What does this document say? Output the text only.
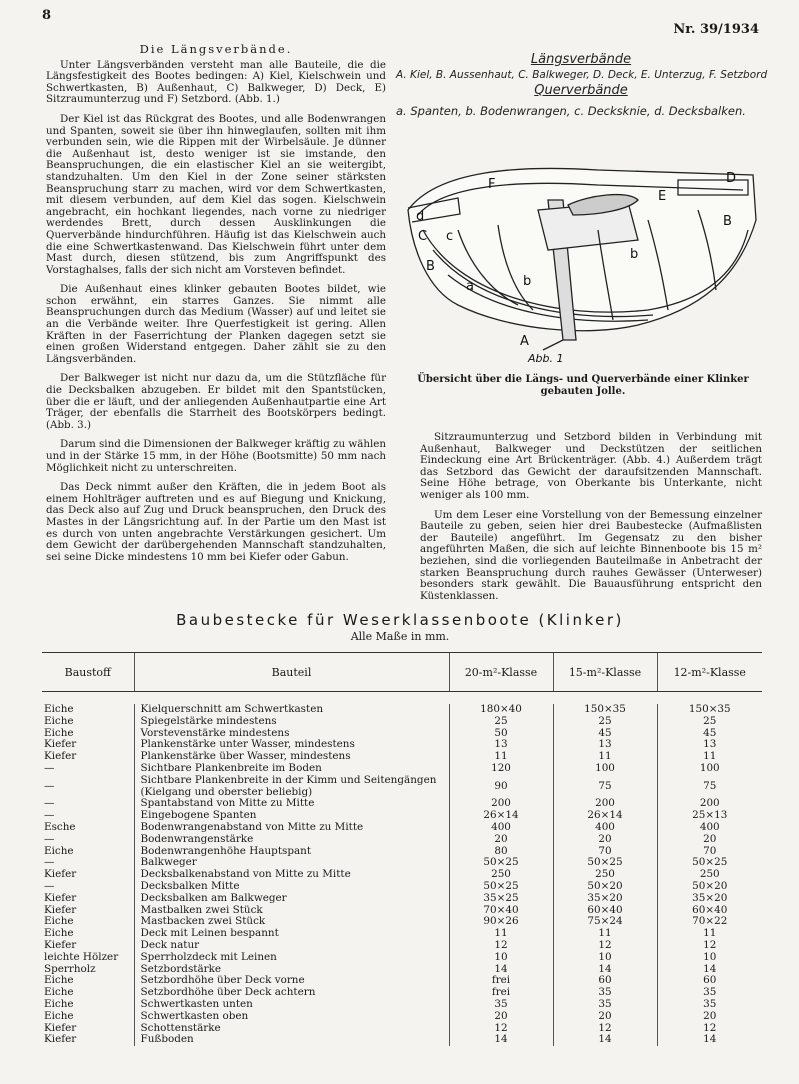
8
Nr. 39/1934
Die Längsverbände.

Unter Längsverbänden versteht man alle Bauteile, die die Längsfestigkeit des Bootes bedingen: A) Kiel, Kielschwein und Schwertkasten, B) Außenhaut, C) Balkweger, D) Deck, E) Sitzraumunterzug und F) Setzbord. (Abb. 1.)

Der Kiel ist das Rückgrat des Bootes, und alle Bodenwrangen und Spanten, soweit sie über ihn hinweglaufen, sollten mit ihm verbunden sein, wie die Rippen mit der Wirbelsäule. Je dünner die Außenhaut ist, desto weniger ist sie imstande, den Beanspruchungen, die ein elastischer Kiel an sie weitergibt, standzuhalten. Um den Kiel in der Zone seiner stärksten Beanspruchung starr zu machen, wird vor dem Schwertkasten, mit diesem verbunden, auf dem Kiel das sogen. Kielschwein angebracht, ein hochkant liegendes, nach vorne zu niedriger werdendes Brett, durch dessen Ausklinkungen die Querverbände hindurchführen. Häufig ist das Kielschwein auch die eine Schwertkastenwand. Das Kielschwein führt unter dem Mast durch, diesen stützend, bis zum Angriffspunkt des Vorstaghalses, falls der sich nicht am Vorsteven befindet.

Die Außenhaut eines klinker gebauten Bootes bildet, wie schon erwähnt, ein starres Ganzes. Sie nimmt alle Beanspruchungen durch das Medium (Wasser) auf und leitet sie an die Verbände weiter. Ihre Querfestigkeit ist gering. Allen Kräften in der Faserrichtung der Planken dagegen setzt sie einen großen Widerstand entgegen. Daher zählt sie zu den Längsverbänden.

Der Balkweger ist nicht nur dazu da, um die Stützfläche für die Decksbalken abzugeben. Er bildet mit den Spantstücken, über die er läuft, und der anliegenden Außenhautpartie eine Art Träger, der ebenfalls die Starrheit des Bootskörpers bedingt. (Abb. 3.)

Darum sind die Dimensionen der Balkweger kräftig zu wählen und in der Stärke 15 mm, in der Höhe (Bootsmitte) 50 mm nach Möglichkeit nicht zu unterschreiten.

Das Deck nimmt außer den Kräften, die in jedem Boot als einem Hohlträger auftreten und es auf Biegung und Knickung, das Deck also auf Zug und Druck beanspruchen, den Druck des Mastes in der Längsrichtung auf. In der Partie um den Mast ist es durch von unten angebrachte Verstärkungen gesichert. Um dem Gewicht der darübergehenden Mannschaft standzuhalten, sei seine Dicke mindestens 10 mm bei Kiefer oder Gabun.

Längsverbände
A. Kiel, B. Aussenhaut, C. Balkweger, D. Deck, E. Unterzug, F. Setzbord
Querverbände
a. Spanten, b. Bodenwrangen, c. Deckskniе, d. Decksbalken.
F
E
D
B
d
C c
B
a	b
b
A
Abb. 1
Übersicht über die Längs- und Querverbände einer Klinker gebauten Jolle.

Sitzraumunterzug und Setzbord bilden in Verbindung mit Außenhaut, Balkweger und Deckstützen der seitlichen Eindeckung eine Art Brückenträger. (Abb. 4.) Außerdem trägt das Setzbord das Gewicht der daraufsitzenden Mannschaft. Seine Höhe betrage, von Oberkante bis Unterkante, nicht weniger als 100 mm.

Um dem Leser eine Vorstellung von der Bemessung einzelner Bauteile zu geben, seien hier drei Baubestecke (Aufmaßlisten der Bauteile) angeführt. Im Gegensatz zu den bisher angeführten Maßen, die sich auf leichte Binnenboote bis 15 m² beziehen, sind die vorliegenden Bauteilmaße in Anbetracht der starken Beanspruchung durch rauhes Gewässer (Unterweser) besonders stark gewählt. Die Bauausführung entspricht den Küstenklassen.

Baubestecke für Weserklassenboote (Klinker)
Alle Maße in mm.
Baustoff	Bauteil	20-m²-Klasse	15-m²-Klasse	12-m²-Klasse

Eiche	Kielquerschnitt am Schwertkasten	180×40	150×35	150×35
Eiche	Spiegelstärke mindestens	25	25	25
Eiche	Vorstevenstärke mindestens	50	45	45
Kiefer	Plankenstärke unter Wasser, mindestens	13	13	13
Kiefer	Plankenstärke über Wasser, mindestens	11	11	11
—	Sichtbare Plankenbreite im Boden	120	100	100
—	Sichtbare Plankenbreite in der Kimm und Seitengängen (Kielgang und oberster beliebig)	90	75	75
—	Spantabstand von Mitte zu Mitte	200	200	200
—	Eingebogene Spanten	26×14	26×14	25×13
Esche	Bodenwrangenabstand von Mitte zu Mitte	400	400	400
—	Bodenwrangenstärke	20	20	20
Eiche	Bodenwrangenhöhe Hauptspant	80	70	70
—	Balkweger	50×25	50×25	50×25
Kiefer	Decksbalkenabstand von Mitte zu Mitte	250	250	250
—	Decksbalken Mitte	50×25	50×20	50×20
Kiefer	Decksbalken am Balkweger	35×25	35×20	35×20
Kiefer	Mastbalken zwei Stück	70×40	60×40	60×40
Eiche	Mastbacken zwei Stück	90×26	75×24	70×22
Eiche	Deck mit Leinen bespannt	11	11	11
Kiefer	Deck natur	12	12	12
leichte Hölzer	Sperrholzdeck mit Leinen	10	10	10
Sperrholz	Setzbordstärke	14	14	14
Eiche	Setzbordhöhe über Deck vorne	frei	60	60
Eiche	Setzbordhöhe über Deck achtern	frei	35	35
Eiche	Schwertkasten unten	35	35	35
Eiche	Schwertkasten oben	20	20	20
Kiefer	Schottenstärke	12	12	12
Kiefer	Fußboden	14	14	14
